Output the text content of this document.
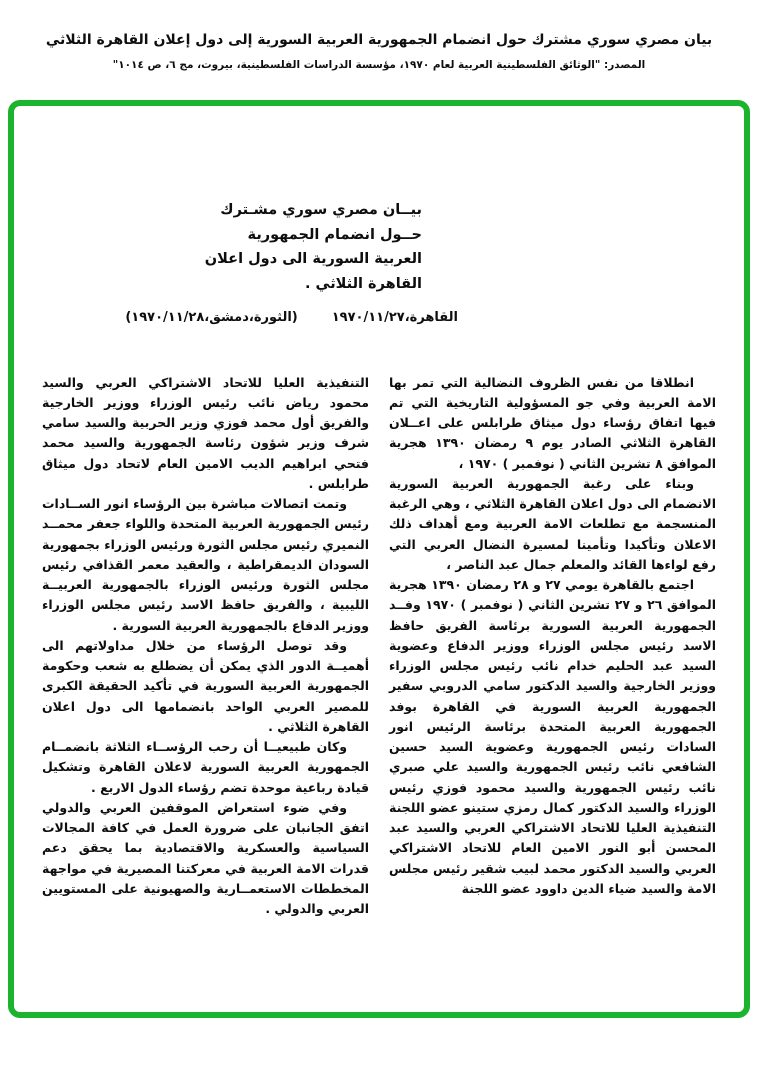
بيان مصري سوري مشترك حول انضمام الجمهورية العربية السورية إلى دول إعلان القاهرة الثلاثي
المصدر: "الوثائق الفلسطينية العربية لعام ١٩٧٠، مؤسسة الدراسات الفلسطينية، بيروت، مج ٦، ص ١٠١٤"
بيــان مصري سوري مشـترك حــول انضمام الجمهورية
العربية السورية الى دول اعلان القاهرة الثلاثي .
القاهرة،١٩٧٠/١١/٢٧
(الثورة،دمشق،١٩٧٠/١١/٢٨)

انطلاقا من نفس الظروف النضالية التي تمر بها الامة العربية وفي جو المسؤولية التاريخية التي تم فيها اتفاق رؤساء دول ميثاق طرابلس على اعــلان القاهرة الثلاثي الصادر يوم ٩ رمضان ١٣٩٠ هجرية الموافق ٨ تشرين الثاني ( نوفمبر ) ١٩٧٠ ،

وبناء على رغبة الجمهورية العربية السورية الانضمام الى دول اعلان القاهرة الثلاثي ، وهي الرغبة المنسجمة مع تطلعات الامة العربية ومع أهداف ذلك الاعلان وتأكيدا وتأمينا لمسيرة النضال العربي التي رفع لواءها القائد والمعلم جمال عبد الناصر ،

اجتمع بالقاهرة يومي ٢٧ و ٢٨ رمضان ١٣٩٠ هجرية الموافق ٢٦ و ٢٧ تشرين الثاني ( نوفمبر ) ١٩٧٠ وفــد الجمهورية العربية السورية برئاسة الفريق حافظ الاسد رئيس مجلس الوزراء ووزير الدفاع وعضوية السيد عبد الحليم خدام نائب رئيس مجلس الوزراء ووزير الخارجية والسيد الدكتور سامي الدروبي سفير الجمهورية العربية السورية في القاهرة بوفد الجمهورية العربية المتحدة برئاسة الرئيس انور السادات رئيس الجمهورية وعضوية السيد حسين الشافعي نائب رئيس الجمهورية والسيد علي صبري نائب رئيس الجمهورية والسيد محمود فوزي رئيس الوزراء والسيد الدكتور كمال رمزي ستينو عضو اللجنة التنفيذية العليا للاتحاد الاشتراكي العربي والسيد عبد المحسن أبو النور الامين العام للاتحاد الاشتراكي العربي والسيد الدكتور محمد لبيب شقير رئيس مجلس الامة والسيد ضياء الدين داوود عضو اللجنة

التنفيذية العليا للاتحاد الاشتراكي العربي والسيد محمود رياض نائب رئيس الوزراء ووزير الخارجية والفريق أول محمد فوزي وزير الحربية والسيد سامي شرف وزير شؤون رئاسة الجمهورية والسيد محمد فتحي ابراهيم الديب الامين العام لاتحاد دول ميثاق طرابلس .

وتمت اتصالات مباشرة بين الرؤساء انور الســادات رئيس الجمهورية العربية المتحدة واللواء جعفر محمــد النميري رئيس مجلس الثورة ورئيس الوزراء بجمهورية السودان الديمقراطية ، والعقيد معمر القذافي رئيس مجلس الثورة ورئيس الوزراء بالجمهورية العربيــة الليبية ، والفريق حافظ الاسد رئيس مجلس الوزراء ووزير الدفاع بالجمهورية العربية السورية .

وقد توصل الرؤساء من خلال مداولاتهم الى أهميــة الدور الذي يمكن أن يضطلع به شعب وحكومة الجمهورية العربية السورية في تأكيد الحقيقة الكبرى للمصير العربي الواحد بانضمامها الى دول اعلان القاهرة الثلاثي .

وكان طبيعيــا أن رحب الرؤســاء الثلاثة بانضمــام الجمهورية العربية السورية لاعلان القاهرة وتشكيل قيادة رباعية موحدة تضم رؤساء الدول الاربع .

وفي ضوء استعراض الموقفين العربي والدولي اتفق الجانبان على ضرورة العمل في كافة المجالات السياسية والعسكرية والاقتصادية بما يحقق دعم قدرات الامة العربية في معركتنا المصيرية في مواجهة المخططات الاستعمــارية والصهيونية على المستويين العربي والدولي .
